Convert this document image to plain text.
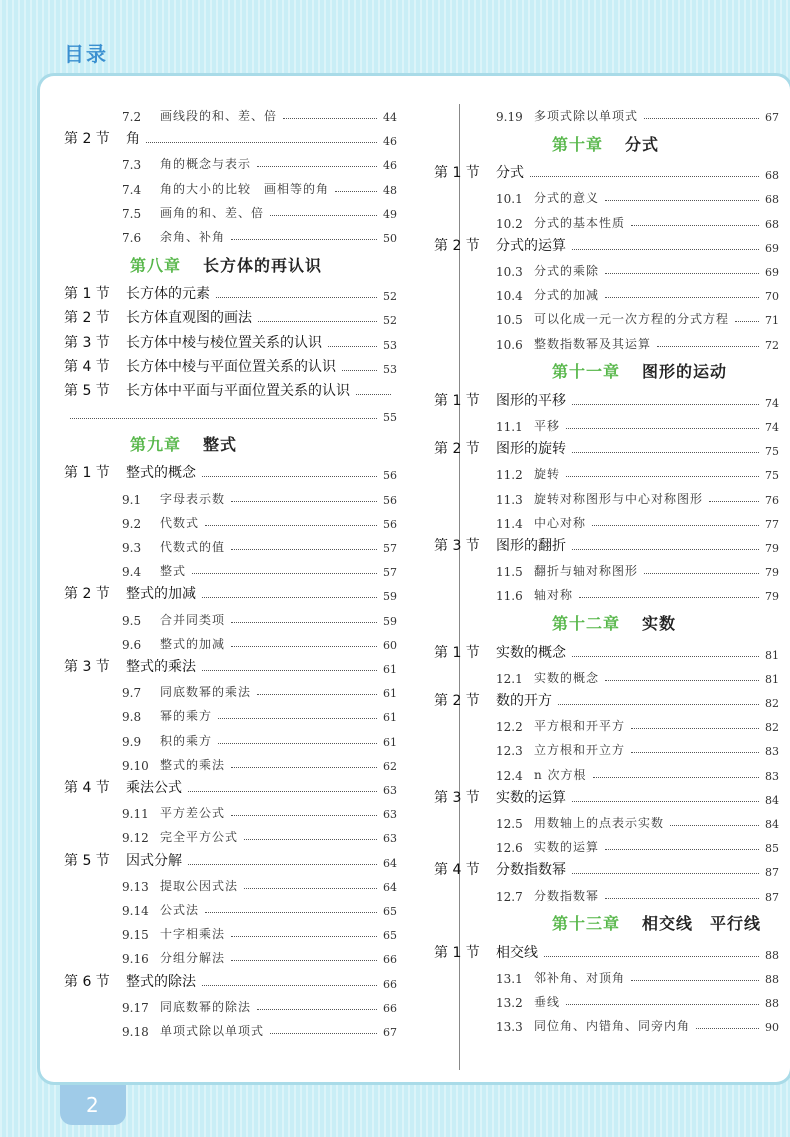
目录
7.2	画线段的和、差、倍	44
第 2 节	角	46
7.3	角的概念与表示	46
7.4	角的大小的比较　画相等的角	48
7.5	画角的和、差、倍	49
7.6	余角、补角	50
第八章 长方体的再认识
第 1 节	长方体的元素	52
第 2 节	长方体直观图的画法	52
第 3 节	长方体中棱与棱位置关系的认识	53
第 4 节	长方体中棱与平面位置关系的认识	53
第 5 节	长方体中平面与平面位置关系的认识
55
第九章 整式
第 1 节	整式的概念	56
9.1	字母表示数	56
9.2	代数式	56
9.3	代数式的值	57
9.4	整式	57
第 2 节	整式的加减	59
9.5	合并同类项	59
9.6	整式的加减	60
第 3 节	整式的乘法	61
9.7	同底数幂的乘法	61
9.8	幂的乘方	61
9.9	积的乘方	61
9.10 整式的乘法	62
第 4 节	乘法公式	63
9.11 平方差公式	63
9.12 完全平方公式	63
第 5 节	因式分解	64
9.13 提取公因式法	64
9.14 公式法	65
9.15 十字相乘法	65
9.16 分组分解法	66
第 6 节	整式的除法	66
9.17 同底数幂的除法	66
9.18 单项式除以单项式	67
9.19 多项式除以单项式	67
第十章 分式
第 1 节	分式	68
10.1 分式的意义	68
10.2 分式的基本性质	68
第 2 节	分式的运算	69
10.3 分式的乘除	69
10.4 分式的加减	70
10.5 可以化成一元一次方程的分式方程	71
10.6 整数指数幂及其运算	72
第十一章 图形的运动
第 1 节	图形的平移	74
11.1 平移	74
第 2 节	图形的旋转	75
11.2 旋转	75
11.3 旋转对称图形与中心对称图形	76
11.4 中心对称	77
第 3 节	图形的翻折	79
11.5 翻折与轴对称图形	79
11.6 轴对称	79
第十二章 实数
第 1 节	实数的概念	81
12.1 实数的概念	81
第 2 节	数的开方	82
12.2 平方根和开平方	82
12.3 立方根和开立方	83
12.4 n 次方根	83
第 3 节	实数的运算	84
12.5 用数轴上的点表示实数	84
12.6 实数的运算	85
第 4 节	分数指数幂	87
12.7 分数指数幂	87
第十三章 相交线　平行线
第 1 节	相交线	88
13.1 邻补角、对顶角	88
13.2 垂线	88
13.3 同位角、内错角、同旁内角	90
2
